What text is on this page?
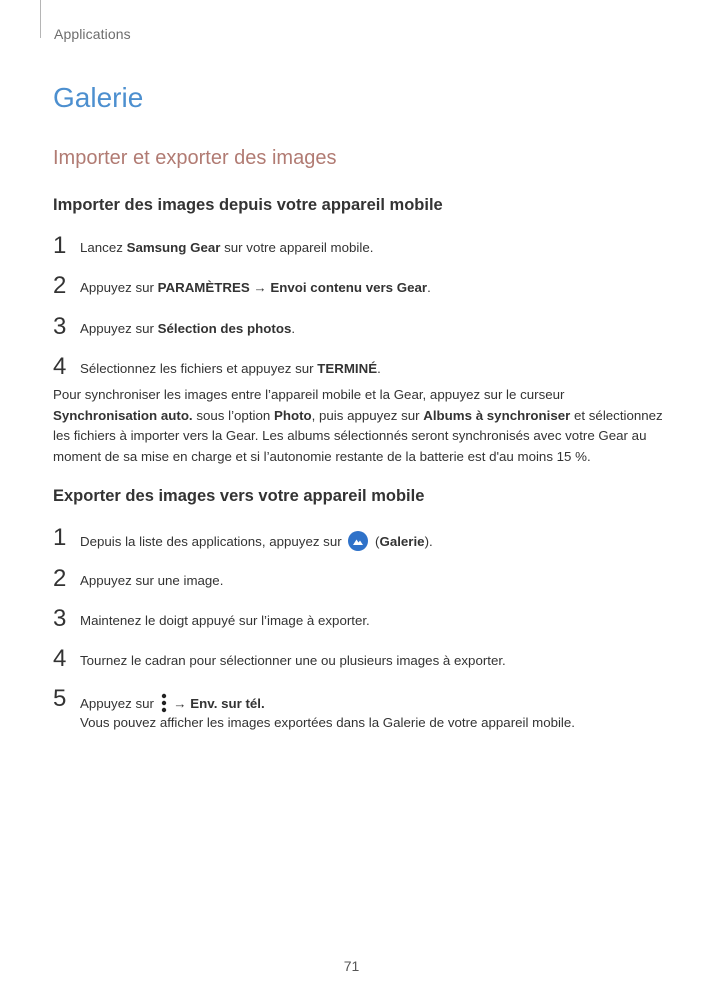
Applications
Galerie
Importer et exporter des images
Importer des images depuis votre appareil mobile
1 Lancez Samsung Gear sur votre appareil mobile.
2 Appuyez sur PARAMÈTRES → Envoi contenu vers Gear.
3 Appuyez sur Sélection des photos.
4 Sélectionnez les fichiers et appuyez sur TERMINÉ.

Pour synchroniser les images entre l’appareil mobile et la Gear, appuyez sur le curseur Synchronisation auto. sous l’option Photo, puis appuyez sur Albums à synchroniser et sélectionnez les fichiers à importer vers la Gear. Les albums sélectionnés seront synchronisés avec votre Gear au moment de sa mise en charge et si l’autonomie restante de la batterie est d'au moins 15 %.

Exporter des images vers votre appareil mobile
1 Depuis la liste des applications, appuyez sur
(Galerie).
2 Appuyez sur une image.
3 Maintenez le doigt appuyé sur l’image à exporter.
4 Tournez le cadran pour sélectionner une ou plusieurs images à exporter.
5 Appuyez sur  → Env. sur tél.
Vous pouvez afficher les images exportées dans la Galerie de votre appareil mobile.
71
